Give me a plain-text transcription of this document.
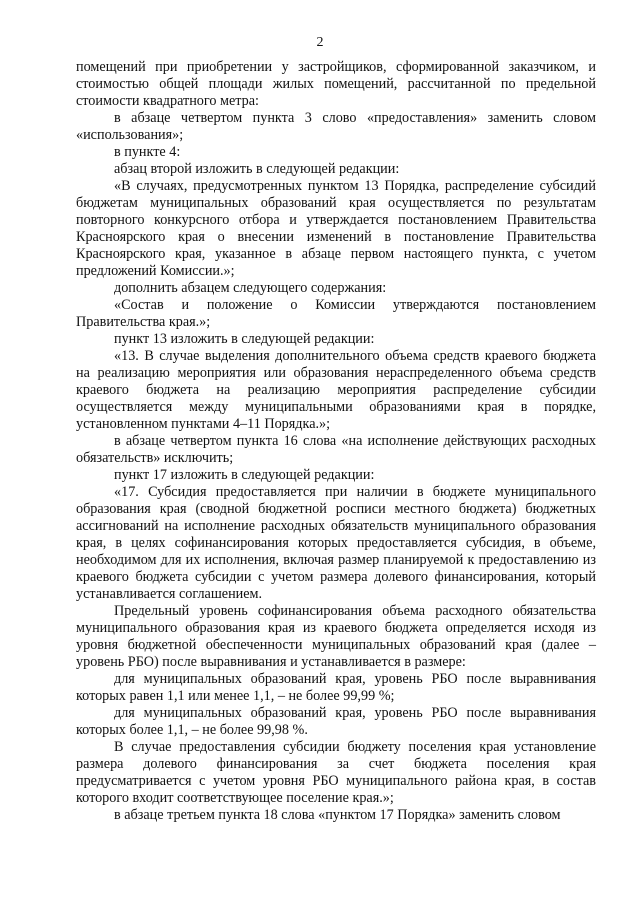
2

помещений при приобретении у застройщиков, сформированной заказчиком, и стоимостью общей площади жилых помещений, рассчитанной по предельной стоимости квадратного метра:

в абзаце четвертом пункта 3 слово «предоставления» заменить словом «использования»;

в пункте 4:

абзац второй изложить в следующей редакции:

«В случаях, предусмотренных пунктом 13 Порядка, распределение субсидий бюджетам муниципальных образований края осуществляется по результатам повторного конкурсного отбора и утверждается постановлением Правительства Красноярского края о внесении изменений в постановление Правительства Красноярского края, указанное в абзаце первом настоящего пункта, с учетом предложений Комиссии.»;

дополнить абзацем следующего содержания:

«Состав и положение о Комиссии утверждаются постановлением Правительства края.»;

пункт 13 изложить в следующей редакции:

«13. В случае выделения дополнительного объема средств краевого бюджета на реализацию мероприятия или образования нераспределенного объема средств краевого бюджета на реализацию мероприятия распределение субсидии осуществляется между муниципальными образованиями края в порядке, установленном пунктами 4–11 Порядка.»;

в абзаце четвертом пункта 16 слова «на исполнение действующих расходных обязательств» исключить;

пункт 17 изложить в следующей редакции:

«17. Субсидия предоставляется при наличии в бюджете муниципального образования края (сводной бюджетной росписи местного бюджета) бюджетных ассигнований на исполнение расходных обязательств муниципального образования края, в целях софинансирования которых предоставляется субсидия, в объеме, необходимом для их исполнения, включая размер планируемой к предоставлению из краевого бюджета субсидии с учетом размера долевого финансирования, который устанавливается соглашением.

Предельный уровень софинансирования объема расходного обязательства муниципального образования края из краевого бюджета определяется исходя из уровня бюджетной обеспеченности муниципальных образований края (далее – уровень РБО) после выравнивания и устанавливается в размере:

для муниципальных образований края, уровень РБО после выравнивания которых равен 1,1 или менее 1,1, – не более 99,99 %;

для муниципальных образований края, уровень РБО после выравнивания которых более 1,1, – не более 99,98 %.

В случае предоставления субсидии бюджету поселения края установление размера долевого финансирования за счет бюджета поселения края предусматривается с учетом уровня РБО муниципального района края, в состав которого входит соответствующее поселение края.»;

в абзаце третьем пункта 18 слова «пунктом 17 Порядка» заменить словом
